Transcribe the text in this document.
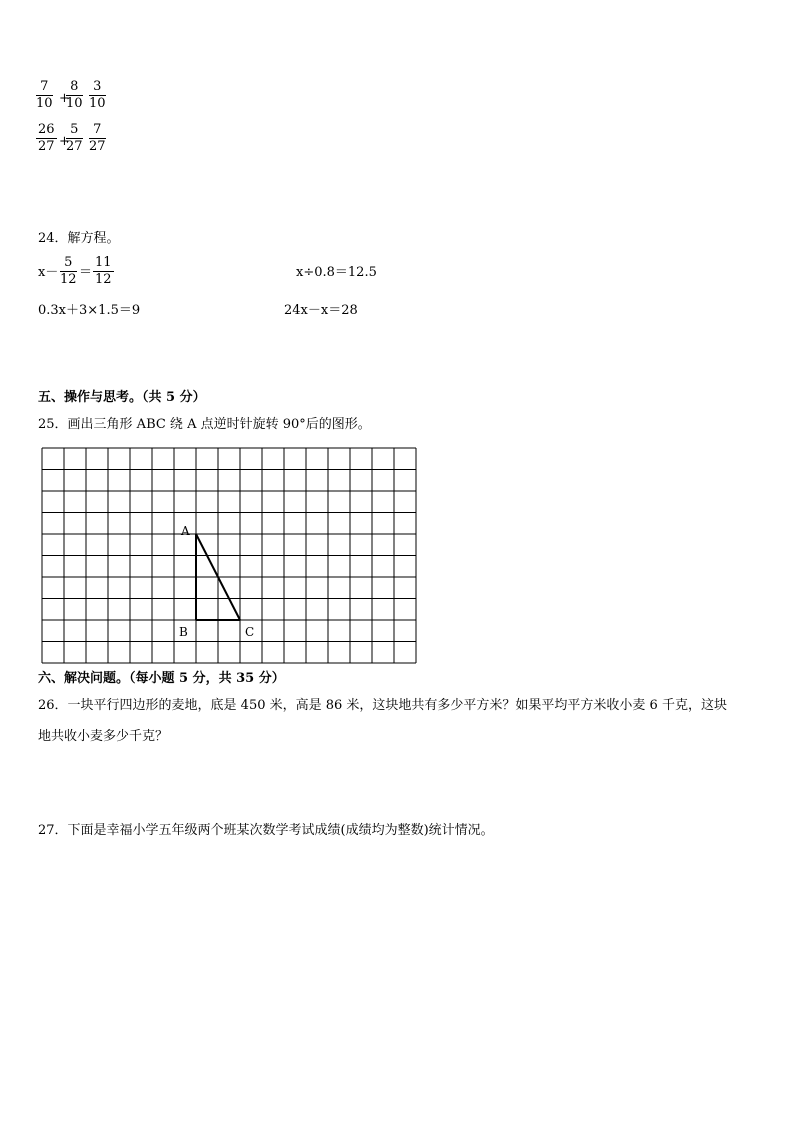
$\frac{7}{10}$ +
$\frac{8}{10} \frac{3}{10}$
$\frac{26}{27}$ +
$\frac{5}{27} \frac{7}{27}$
24．解方程。
$x- \frac{5}{12} = \frac{11}{12}$	x÷0.8＝12.5
0.3x＋3×1.5＝9	24x－x＝28
五、操作与思考。（共 5 分）
25．画出三角形 ABC 绕 A 点逆时针旋转 90°后的图形。
A
B	C
六、解决问题。（每小题 5 分，共 35 分）
26．一块平行四边形的麦地，底是 450 米，高是 86 米，这块地共有多少平方米？如果平均平方米收小麦 6 千克，这块
地共收小麦多少千克？
27．下面是幸福小学五年级两个班某次数学考试成绩(成绩均为整数)统计情况。
